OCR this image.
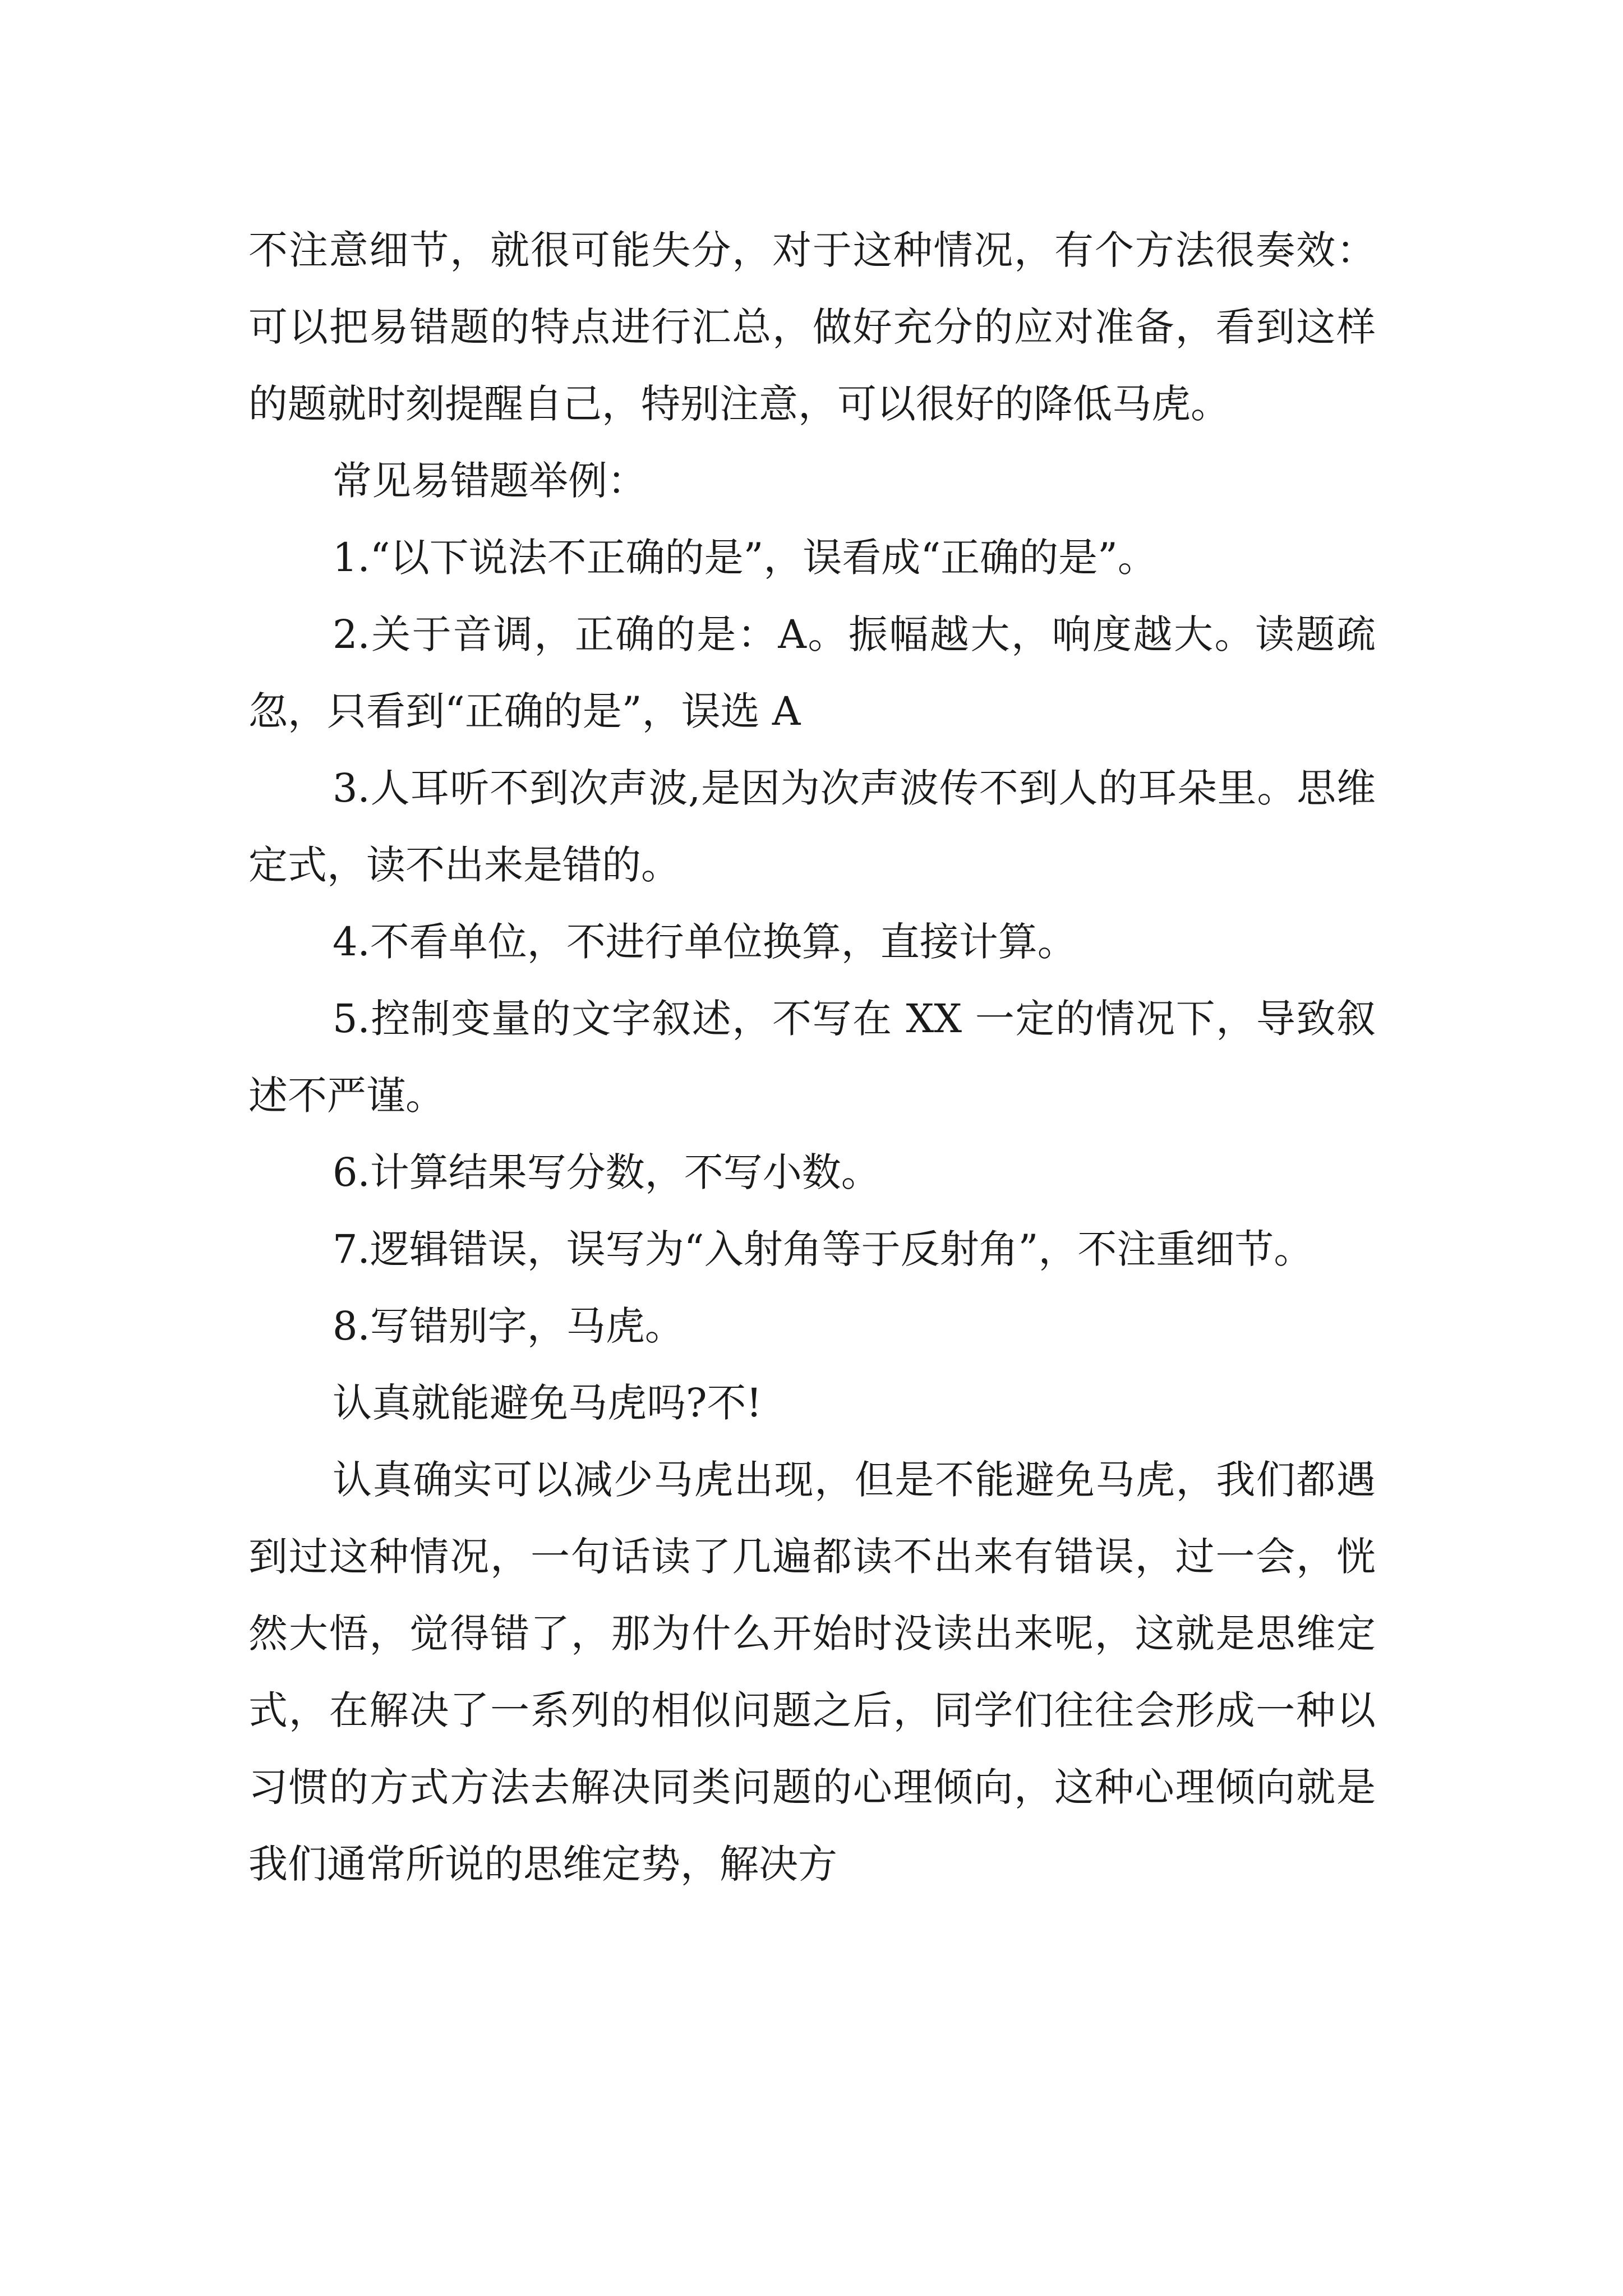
不注意细节，就很可能失分，对于这种情况，有个方法很奏效：可以把易错题的特点进行汇总，做好充分的应对准备，看到这样的题就时刻提醒自己，特别注意，可以很好的降低马虎。

常见易错题举例：

1.“以下说法不正确的是”，误看成“正确的是”。

2.关于音调，正确的是：A。振幅越大，响度越大。读题疏忽，只看到“正确的是”，误选 A

3.人耳听不到次声波,是因为次声波传不到人的耳朵里。思维定式，读不出来是错的。

4.不看单位，不进行单位换算，直接计算。

5.控制变量的文字叙述，不写在 XX 一定的情况下，导致叙述不严谨。

6.计算结果写分数，不写小数。

7.逻辑错误，误写为“入射角等于反射角”，不注重细节。

8.写错别字，马虎。

认真就能避免马虎吗?不!

认真确实可以减少马虎出现，但是不能避免马虎，我们都遇到过这种情况，一句话读了几遍都读不出来有错误，过一会，恍然大悟，觉得错了，那为什么开始时没读出来呢，这就是思维定式，在解决了一系列的相似问题之后，同学们往往会形成一种以习惯的方式方法去解决同类问题的心理倾向，这种心理倾向就是我们通常所说的思维定势，解决方
